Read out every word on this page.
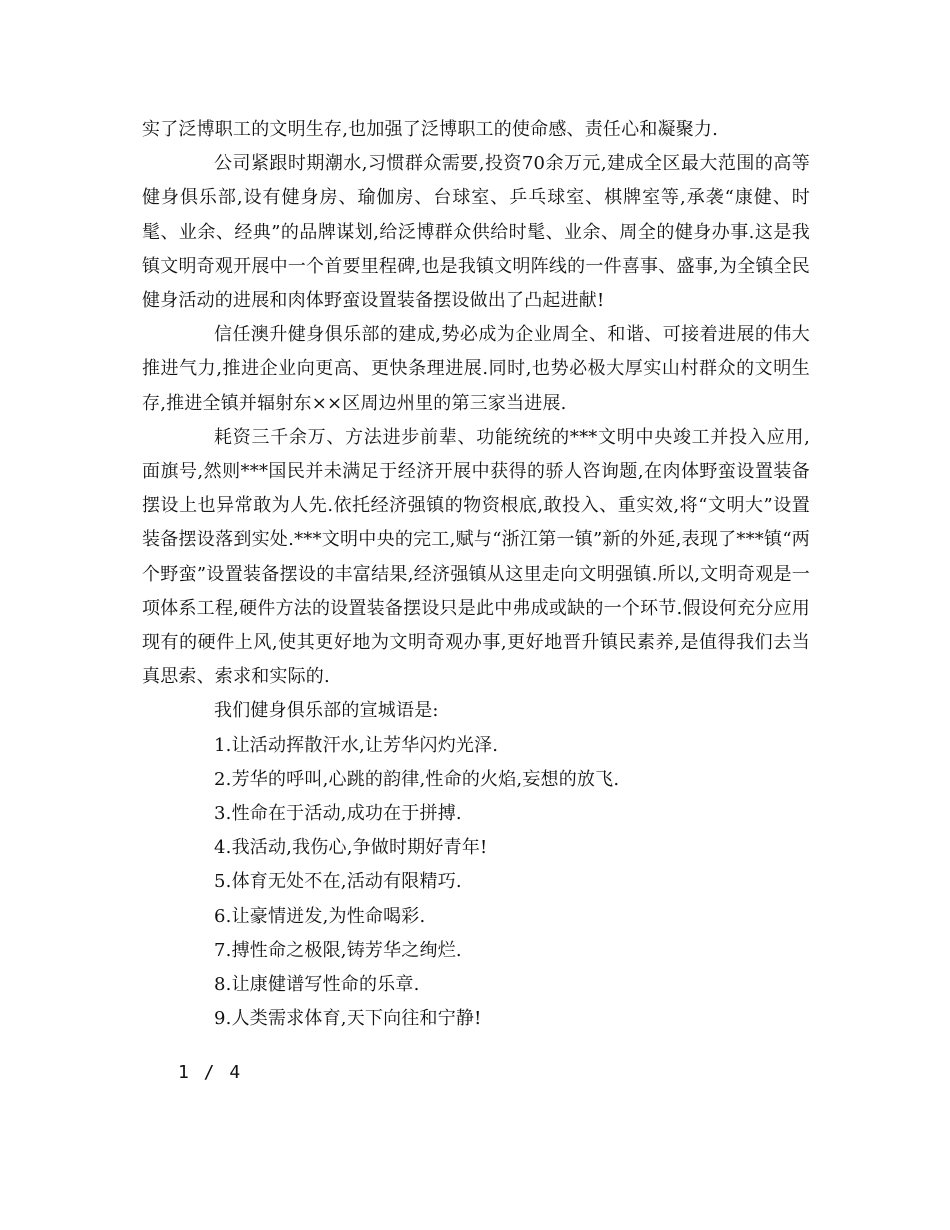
实了泛博职工的文明生存,也加强了泛博职工的使命感、责任心和凝聚力.

公司紧跟时期潮水,习惯群众需要,投资70余万元,建成全区最大范围的高等健身俱乐部,设有健身房、瑜伽房、台球室、乒乓球室、棋牌室等,承袭“康健、时髦、业余、经典”的品牌谋划,给泛博群众供给时髦、业余、周全的健身办事.这是我镇文明奇观开展中一个首要里程碑,也是我镇文明阵线的一件喜事、盛事,为全镇全民健身活动的进展和肉体野蛮设置装备摆设做出了凸起进献!

信任澳升健身俱乐部的建成,势必成为企业周全、和谐、可接着进展的伟大推进气力,推进企业向更高、更快条理进展.同时,也势必极大厚实山村群众的文明生存,推进全镇并辐射东××区周边州里的第三家当进展.

耗资三千余万、方法进步前辈、功能统统的***文明中央竣工并投入应用,面旗号,然则***国民并未满足于经济开展中获得的骄人咨询题,在肉体野蛮设置装备摆设上也异常敢为人先.依托经济强镇的物资根底,敢投入、重实效,将“文明大”设置装备摆设落到实处.***文明中央的完工,赋与“浙江第一镇”新的外延,表现了***镇“两个野蛮”设置装备摆设的丰富结果,经济强镇从这里走向文明强镇.所以,文明奇观是一项体系工程,硬件方法的设置装备摆设只是此中弗成或缺的一个环节.假设何充分应用现有的硬件上风,使其更好地为文明奇观办事,更好地晋升镇民素养,是值得我们去当真思索、索求和实际的.

我们健身俱乐部的宣城语是:

1.让活动挥散汗水,让芳华闪灼光泽.
2.芳华的呼叫,心跳的韵律,性命的火焰,妄想的放飞.
3.性命在于活动,成功在于拼搏.
4.我活动,我伤心,争做时期好青年!
5.体育无处不在,活动有限精巧.
6.让豪情迸发,为性命喝彩.
7.搏性命之极限,铸芳华之绚烂.
8.让康健谱写性命的乐章.
9.人类需求体育,天下向往和宁静!
1 / 4
